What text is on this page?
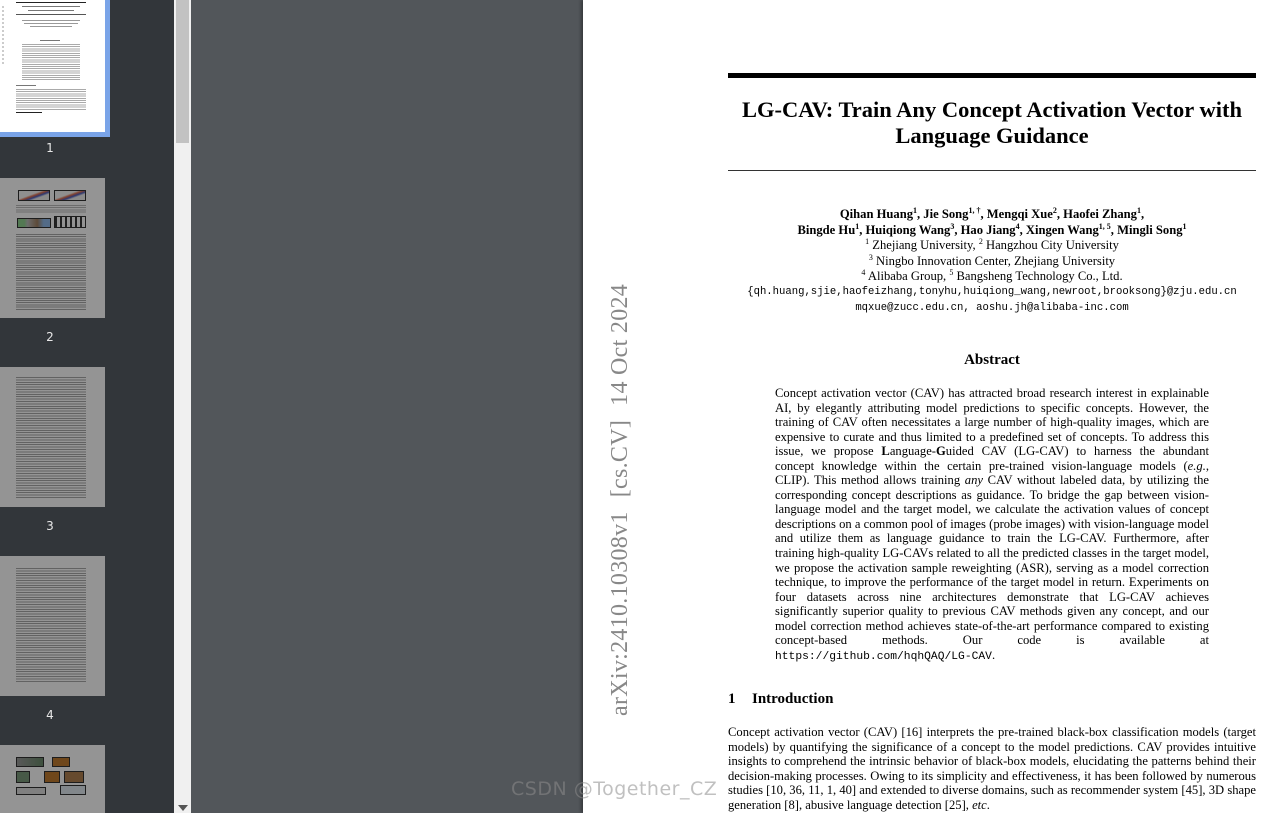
1
2
3
4	arXiv:2410.10308v1[cs.CV]14 Oct 2024
LG-CAV: Train Any Concept Activation Vector with
Language Guidance
Qihan Huang$^1$, Jie Song$^{1, \dagger}$, Mengqi Xue$^2$, Haofei Zhang$^1$,
Bingde Hu$^1$, Huiqiong Wang$^3$, Hao Jiang$^4$, Xingen Wang$^{1, 5}$, Mingli Song$^1$
$^1$ Zhejiang University, $^2$ Hangzhou City University
$^3$ Ningbo Innovation Center, Zhejiang University
$^4$ Alibaba Group, $^5$ Bangsheng Technology Co., Ltd.
{qh.huang,sjie,haofeizhang,tonyhu,huiqiong_wang,newroot,brooksong}@zju.edu.cn
mqxue@zucc.edu.cn, aoshu.jh@alibaba-inc.com
Abstract
Concept activation vector (CAV) has attracted broad research interest in explainable AI, by elegantly attributing model predictions to specific concepts. However, the training of CAV often necessitates a large number of high-quality images, which are expensive to curate and thus limited to a predefined set of concepts. To address this issue, we propose Language-Guided CAV (LG-CAV) to harness the abundant concept knowledge within the certain pre-trained vision-language models (e.g., CLIP). This method allows training any CAV without labeled data, by utilizing the corresponding concept descriptions as guidance. To bridge the gap between vision-language model and the target model, we calculate the activation values of concept descriptions on a common pool of images (probe images) with vision-language model and utilize them as language guidance to train the LG-CAV. Furthermore, after training high-quality LG-CAVs related to all the predicted classes in the target model, we propose the activation sample reweighting (ASR), serving as a model correction technique, to improve the performance of the target model in return. Experiments on four datasets across nine architectures demonstrate that LG-CAV achieves significantly superior quality to previous CAV methods given any concept, and our model correction method achieves state-of-the-art performance compared to existing concept-based methods. Our code is available at https://github.com/hqhQAQ/LG-CAV.
1 Introduction
Concept activation vector (CAV) [16] interprets the pre-trained black-box classification models (target models) by quantifying the significance of a concept to the model predictions. CAV provides intuitive insights to comprehend the intrinsic behavior of black-box models, elucidating the patterns behind their decision-making processes. Owing to its simplicity and effectiveness, it has been followed by numerous studies [10, 36, 11, 1, 40] and extended to diverse domains, such as recommender system [45], 3D shape generation [8], abusive language detection [25], etc.
CSDN @Together_CZ
